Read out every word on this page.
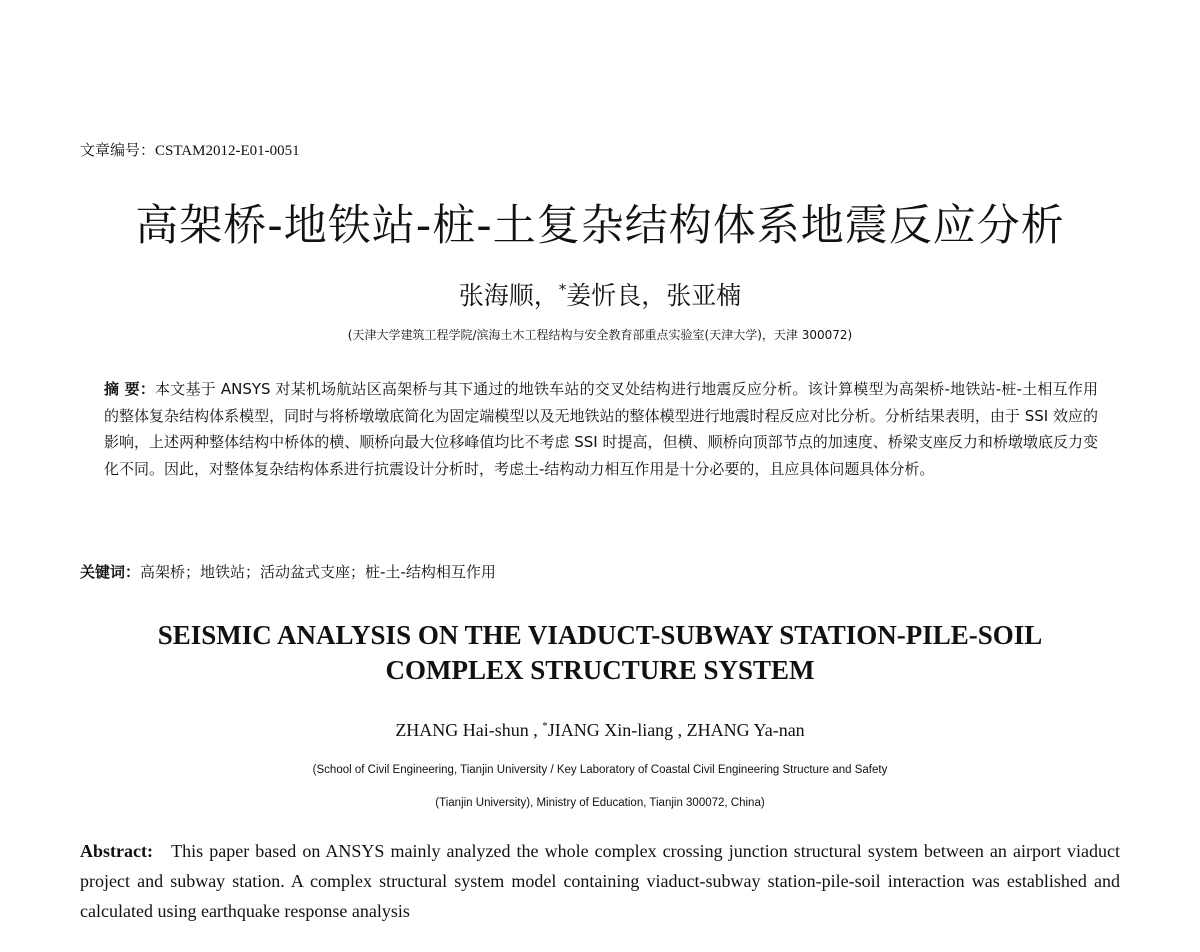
文章编号：CSTAM2012-E01-0051
高架桥-地铁站-桩-土复杂结构体系地震反应分析
张海顺，*姜忻良，张亚楠
(天津大学建筑工程学院/滨海土木工程结构与安全教育部重点实验室(天津大学)，天津 300072)

摘 要：本文基于 ANSYS 对某机场航站区高架桥与其下通过的地铁车站的交叉处结构进行地震反应分析。该计算模型为高架桥-地铁站-桩-土相互作用的整体复杂结构体系模型，同时与将桥墩墩底简化为固定端模型以及无地铁站的整体模型进行地震时程反应对比分析。分析结果表明，由于 SSI 效应的影响，上述两种整体结构中桥体的横、顺桥向最大位移峰值均比不考虑 SSI 时提高，但横、顺桥向顶部节点的加速度、桥梁支座反力和桥墩墩底反力变化不同。因此，对整体复杂结构体系进行抗震设计分析时，考虑土-结构动力相互作用是十分必要的，且应具体问题具体分析。

关键词：高架桥；地铁站；活动盆式支座；桩-土-结构相互作用
SEISMIC ANALYSIS ON THE VIADUCT-SUBWAY STATION-PILE-SOIL
COMPLEX STRUCTURE SYSTEM
ZHANG Hai-shun , *JIANG Xin-liang , ZHANG Ya-nan
(School of Civil Engineering, Tianjin University / Key Laboratory of Coastal Civil Engineering Structure and Safety
(Tianjin University), Ministry of Education, Tianjin 300072, China)
Abstract: This paper based on ANSYS mainly analyzed the whole complex crossing junction structural system between an airport viaduct project and subway station. A complex structural system model containing viaduct-subway station-pile-soil interaction was established and calculated using earthquake response analysis
